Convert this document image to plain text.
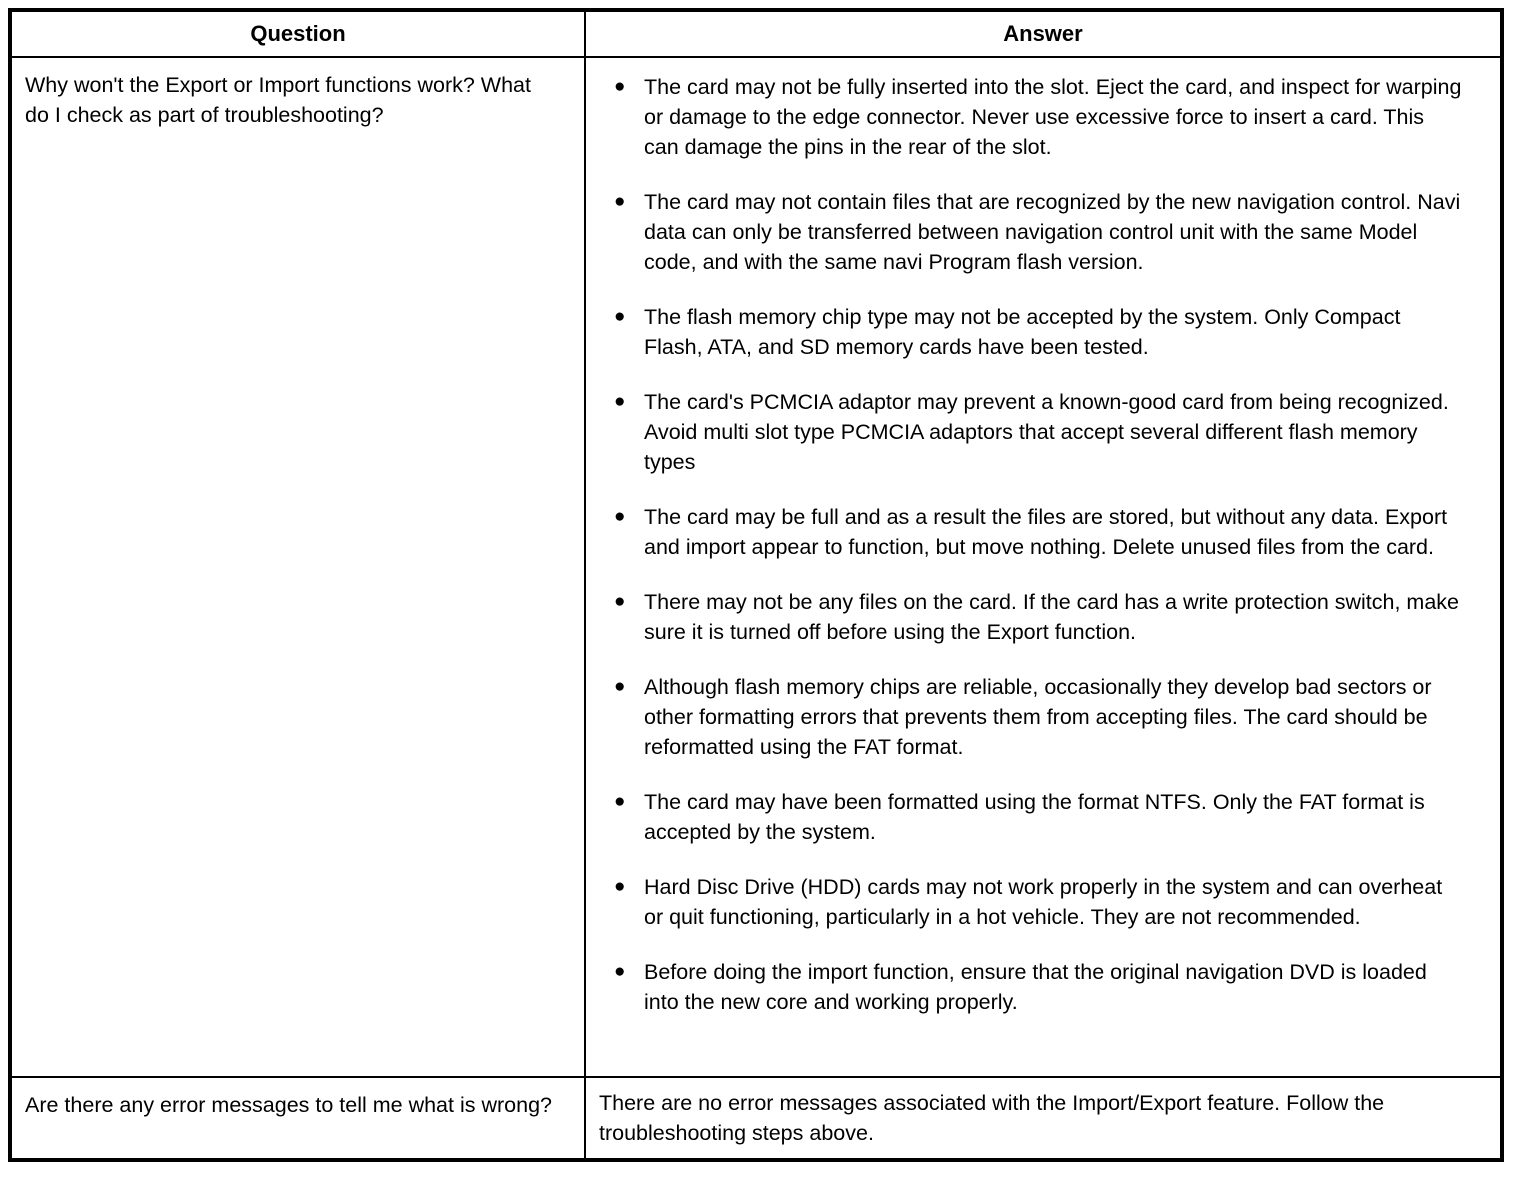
Question	Answer
Why won't the Export or Import functions work? What do I check as part of troubleshooting?
● The card may not be fully inserted into the slot. Eject the card, and inspect for warping or damage to the edge connector. Never use excessive force to insert a card. This can damage the pins in the rear of the slot.
● The card may not contain files that are recognized by the new navigation control. Navi data can only be transferred between navigation control unit with the same Model code, and with the same navi Program flash version.
● The flash memory chip type may not be accepted by the system. Only Compact Flash, ATA, and SD memory cards have been tested.
● The card's PCMCIA adaptor may prevent a known-good card from being recognized. Avoid multi slot type PCMCIA adaptors that accept several different flash memory types
● The card may be full and as a result the files are stored, but without any data. Export and import appear to function, but move nothing. Delete unused files from the card.
● There may not be any files on the card. If the card has a write protection switch, make sure it is turned off before using the Export function.
● Although flash memory chips are reliable, occasionally they develop bad sectors or other formatting errors that prevents them from accepting files. The card should be reformatted using the FAT format.
● The card may have been formatted using the format NTFS. Only the FAT format is accepted by the system.
● Hard Disc Drive (HDD) cards may not work properly in the system and can overheat or quit functioning, particularly in a hot vehicle. They are not recommended.
● Before doing the import function, ensure that the original navigation DVD is loaded into the new core and working properly.
Are there any error messages to tell me what is wrong?	There are no error messages associated with the Import/Export feature. Follow the troubleshooting steps above.
